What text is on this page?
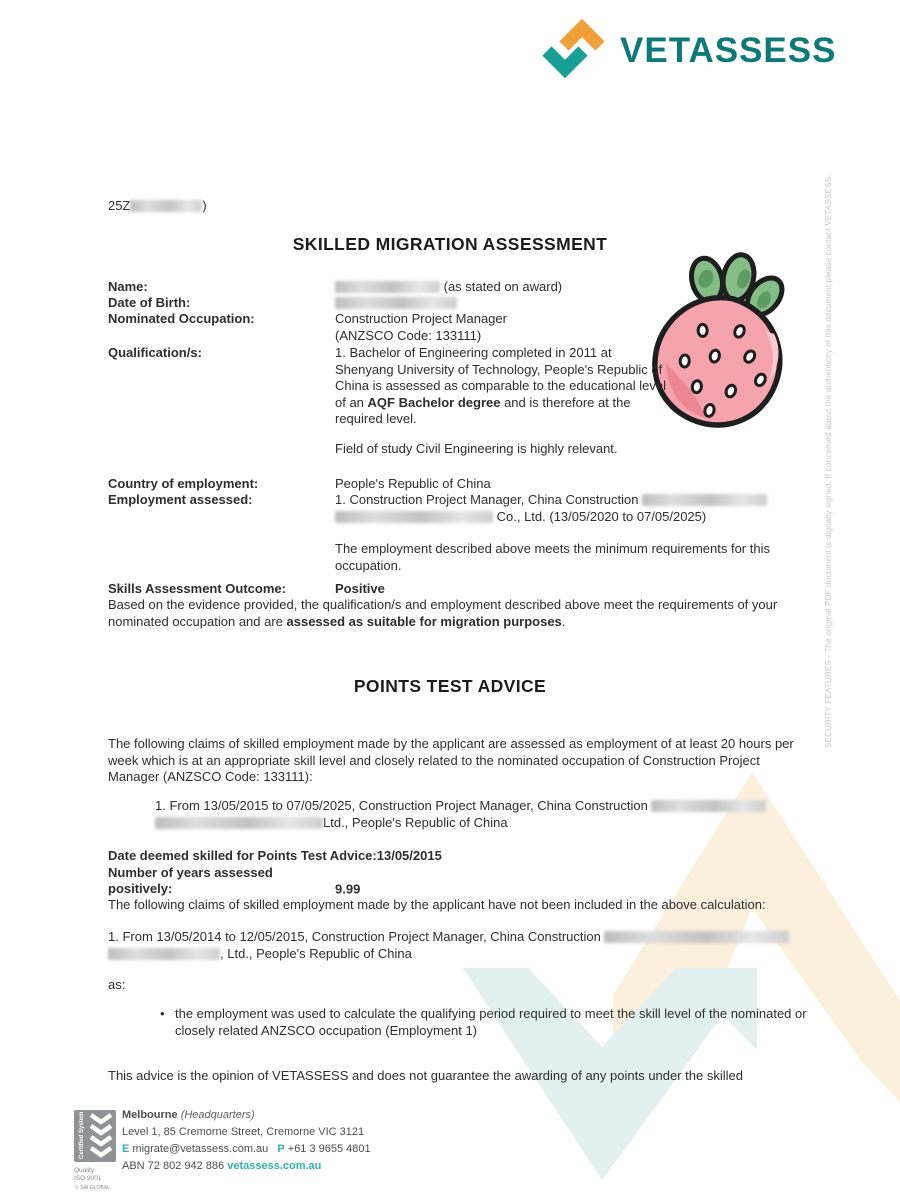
VETASSESS
SECURITY FEATURES - The original PDF document is digitally signed. If concerned about the authenticity of this document please contact VETASSESS.
25Z	)
SKILLED MIGRATION ASSESSMENT
Name:	(as stated on award)
Date of Birth:
Nominated Occupation:	Construction Project Manager
(ANZSCO Code: 133111)
Qualification/s:	1. Bachelor of Engineering completed in 2011 at Shenyang University of Technology, People's Republic of China is assessed as comparable to the educational level of an AQF Bachelor degree and is therefore at the required level.
Field of study Civil Engineering is highly relevant.
Country of employment:	People's Republic of China
Employment assessed:	1. Construction Project Manager, China Construction
Co., Ltd. (13/05/2020 to 07/05/2025)
The employment described above meets the minimum requirements for this occupation.
Skills Assessment Outcome:	Positive
Based on the evidence provided, the qualification/s and employment described above meet the requirements of your nominated occupation and are assessed as suitable for migration purposes.
POINTS TEST ADVICE
The following claims of skilled employment made by the applicant are assessed as employment of at least 20 hours per week which is at an appropriate skill level and closely related to the nominated occupation of Construction Project Manager (ANZSCO Code: 133111):
1. From 13/05/2015 to 07/05/2025, Construction Project Manager, China Construction
Ltd., People's Republic of China
Date deemed skilled for Points Test Advice:13/05/2015
Number of years assessed positively:	9.99
The following claims of skilled employment made by the applicant have not been included in the above calculation:
1. From 13/05/2014 to 12/05/2015, Construction Project Manager, China Construction
, Ltd., People's Republic of China
as:
• the employment was used to calculate the qualifying period required to meet the skill level of the nominated or closely related ANZSCO occupation (Employment 1)
This advice is the opinion of VETASSESS and does not guarantee the awarding of any points under the skilled
Certified System
Quality
ISO 9001
Ⓢ SAI GLOBAL
Melbourne (Headquarters)
Level 1, 85 Cremorne Street, Cremorne VIC 3121
E migrate@vetassess.com.au P +61 3 9655 4801
ABN 72 802 942 886 vetassess.com.au
